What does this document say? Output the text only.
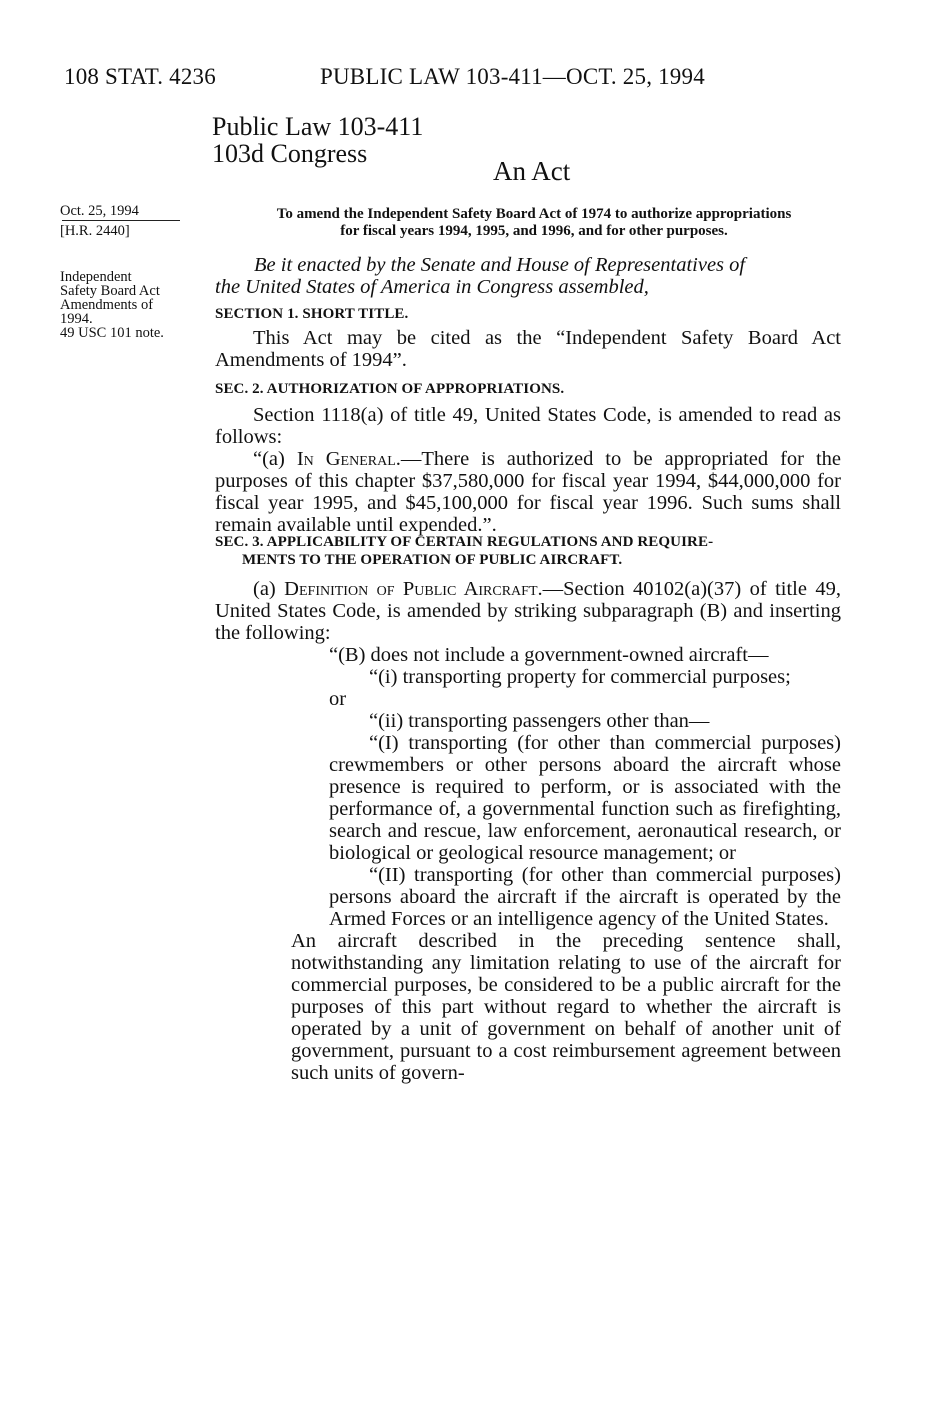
108 STAT. 4236	PUBLIC LAW 103-411—OCT. 25, 1994
Public Law 103-411
103d Congress
An Act
Oct. 25, 1994
[H.R. 2440]
Independent
Safety Board Act
Amendments of
1994.
49 USC 101 note.
To amend the Independent Safety Board Act of 1974 to authorize appropriations
for fiscal years 1994, 1995, and 1996, and for other purposes.
Be it enacted by the Senate and House of Representatives of
the United States of America in Congress assembled,
SECTION 1. SHORT TITLE.
This Act may be cited as the “Independent Safety Board Act Amendments of 1994”.
SEC. 2. AUTHORIZATION OF APPROPRIATIONS.
Section 1118(a) of title 49, United States Code, is amended to read as follows:
“(a) In General.—There is authorized to be appropriated for the purposes of this chapter $37,580,000 for fiscal year 1994, $44,000,000 for fiscal year 1995, and $45,100,000 for fiscal year 1996. Such sums shall remain available until expended.”.
SEC. 3. APPLICABILITY OF CERTAIN REGULATIONS AND REQUIRE-
MENTS TO THE OPERATION OF PUBLIC AIRCRAFT.
(a) Definition of Public Aircraft.—Section 40102(a)(37) of title 49, United States Code, is amended by striking subparagraph (B) and inserting the following:
“(B) does not include a government-owned aircraft—
“(i) transporting property for commercial purposes;
or
“(ii) transporting passengers other than—
“(I) transporting (for other than commercial purposes) crewmembers or other persons aboard the aircraft whose presence is required to perform, or is associated with the performance of, a governmental function such as firefighting, search and rescue, law enforcement, aeronautical research, or biological or geological resource management; or
“(II) transporting (for other than commercial purposes) persons aboard the aircraft if the aircraft is operated by the Armed Forces or an intelligence agency of the United States.
An aircraft described in the preceding sentence shall, notwithstanding any limitation relating to use of the aircraft for commercial purposes, be considered to be a public aircraft for the purposes of this part without regard to whether the aircraft is operated by a unit of government on behalf of another unit of government, pursuant to a cost reimbursement agreement between such units of govern-
